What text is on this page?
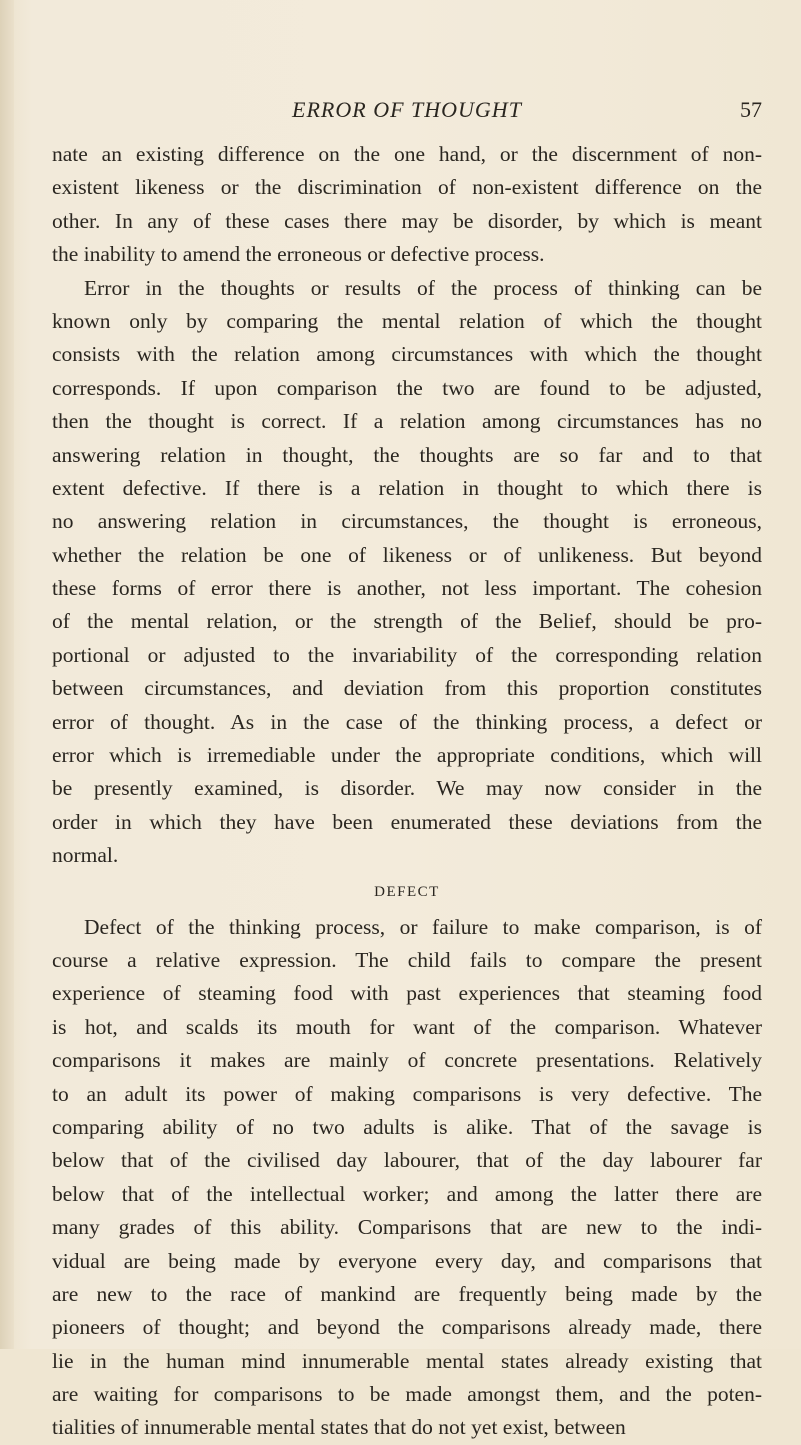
ERROR OF THOUGHT	57
nate an existing difference on the one hand, or the discernment of non-
existent likeness or the discrimination of non-existent difference on the
other. In any of these cases there may be disorder, by which is meant
the inability to amend the erroneous or defective process.
Error in the thoughts or results of the process of thinking can be
known only by comparing the mental relation of which the thought
consists with the relation among circumstances with which the thought
corresponds. If upon comparison the two are found to be adjusted,
then the thought is correct. If a relation among circumstances has no
answering relation in thought, the thoughts are so far and to that
extent defective. If there is a relation in thought to which there is
no answering relation in circumstances, the thought is erroneous,
whether the relation be one of likeness or of unlikeness. But beyond
these forms of error there is another, not less important. The cohesion
of the mental relation, or the strength of the Belief, should be pro-
portional or adjusted to the invariability of the corresponding relation
between circumstances, and deviation from this proportion constitutes
error of thought. As in the case of the thinking process, a defect or
error which is irremediable under the appropriate conditions, which will
be presently examined, is disorder. We may now consider in the
order in which they have been enumerated these deviations from the
normal.
DEFECT
Defect of the thinking process, or failure to make comparison, is of
course a relative expression. The child fails to compare the present
experience of steaming food with past experiences that steaming food
is hot, and scalds its mouth for want of the comparison. Whatever
comparisons it makes are mainly of concrete presentations. Relatively
to an adult its power of making comparisons is very defective. The
comparing ability of no two adults is alike. That of the savage is
below that of the civilised day labourer, that of the day labourer far
below that of the intellectual worker; and among the latter there are
many grades of this ability. Comparisons that are new to the indi-
vidual are being made by everyone every day, and comparisons that
are new to the race of mankind are frequently being made by the
pioneers of thought; and beyond the comparisons already made, there
lie in the human mind innumerable mental states already existing that
are waiting for comparisons to be made amongst them, and the poten-
tialities of innumerable mental states that do not yet exist, between
